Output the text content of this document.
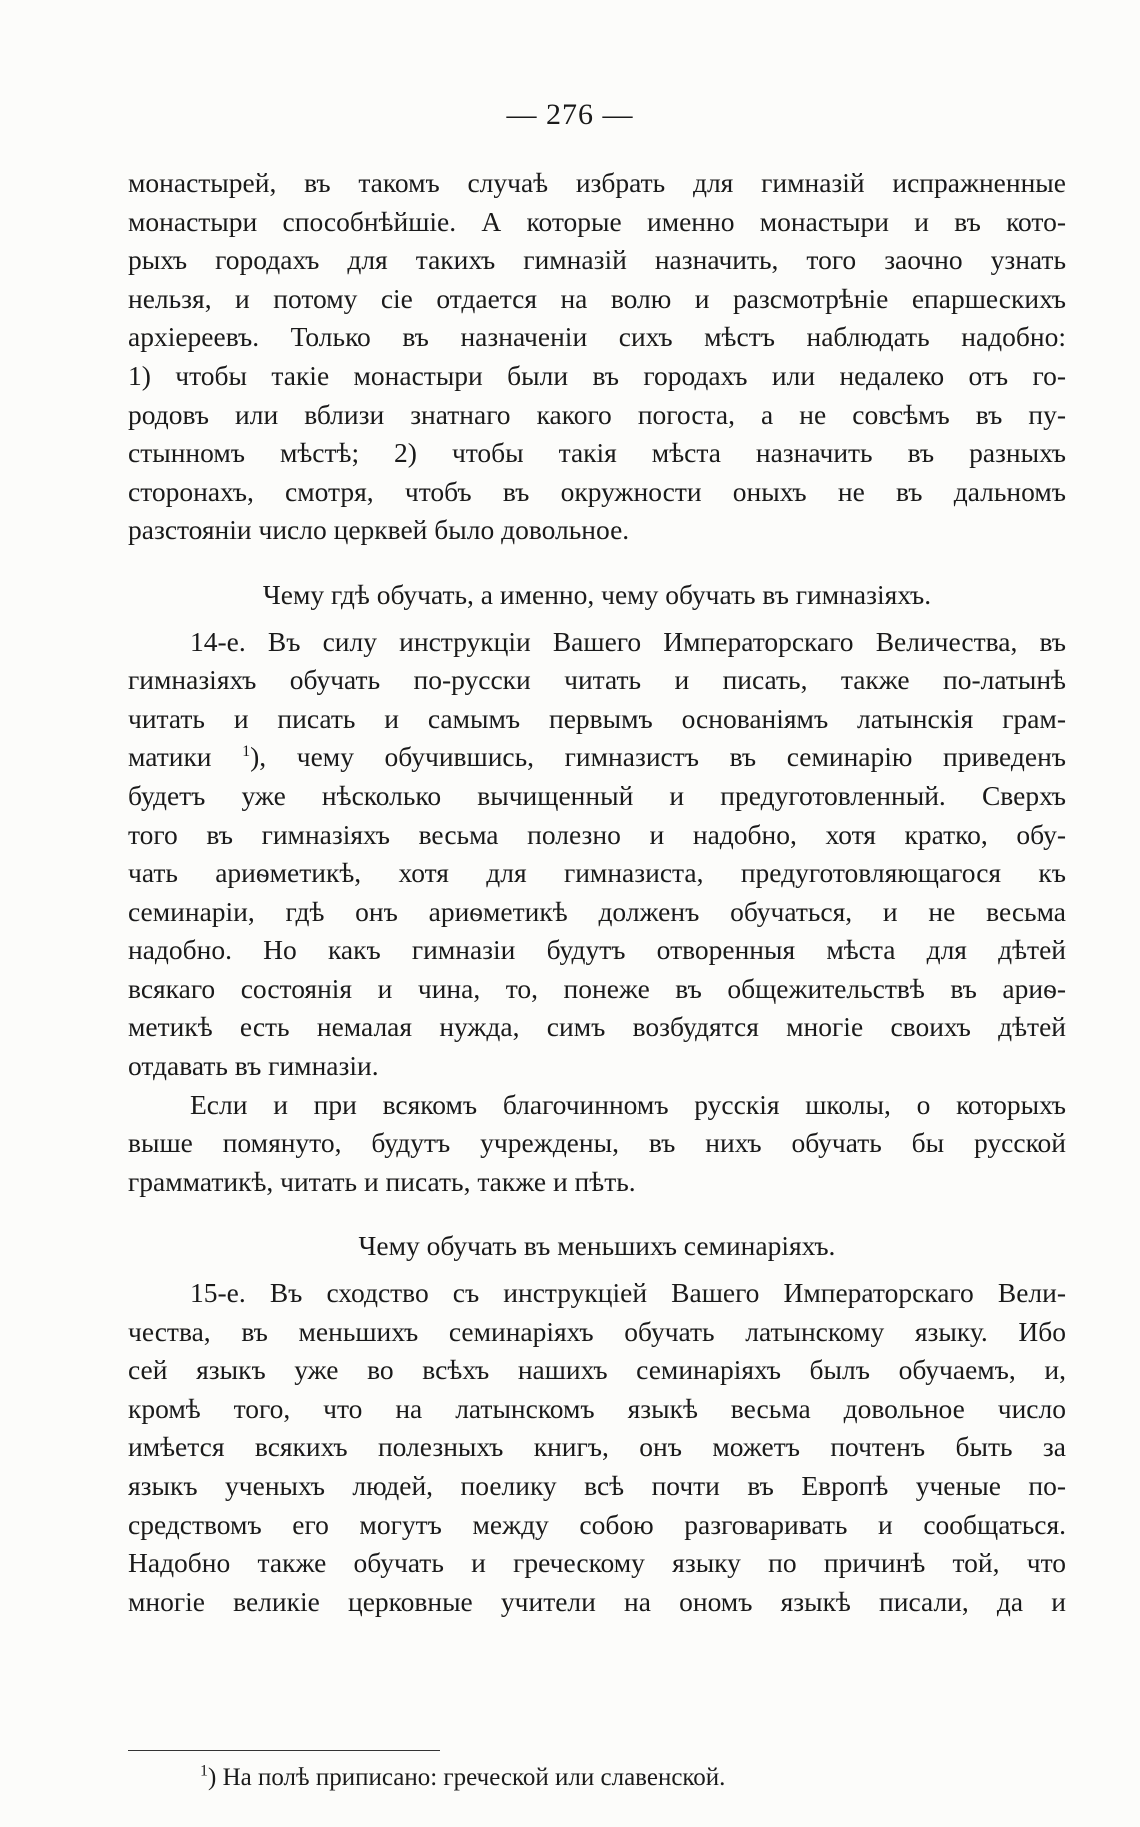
— 276 —
монастырей, въ такомъ случаѣ избрать для гимназій испражненные
монастыри способнѣйшіе. А которые именно монастыри и въ кото-
рыхъ городахъ для такихъ гимназій назначить, того заочно узнать
нельзя, и потому сіе отдается на волю и разсмотрѣніе епаршескихъ
архіереевъ. Только въ назначеніи сихъ мѣстъ наблюдать надобно:
1) чтобы такіе монастыри были въ городахъ или недалеко отъ го-
родовъ или вблизи знатнаго какого погоста, а не совсѣмъ въ пу-
стынномъ мѣстѣ; 2) чтобы такія мѣста назначить въ разныхъ
сторонахъ, смотря, чтобъ въ окружности оныхъ не въ дальномъ
разстояніи число церквей было довольное.
Чему гдѣ обучать, а именно, чему обучать въ гимназіяхъ.
14-е. Въ силу инструкціи Вашего Императорскаго Величества, въ
гимназіяхъ обучать по-русски читать и писать, также по-латынѣ
читать и писать и самымъ первымъ основаніямъ латынскія грам-
матики $^1$), чему обучившись, гимназистъ въ семинарію приведенъ
будетъ уже нѣсколько вычищенный и предуготовленный. Сверхъ
того въ гимназіяхъ весьма полезно и надобно, хотя кратко, обу-
чать ариѳметикѣ, хотя для гимназиста, предуготовляющагося къ
семинаріи, гдѣ онъ ариѳметикѣ долженъ обучаться, и не весьма
надобно. Но какъ гимназіи будутъ отворенныя мѣста для дѣтей
всякаго состоянія и чина, то, понеже въ общежительствѣ въ ариѳ-
метикѣ есть немалая нужда, симъ возбудятся многіе своихъ дѣтей
отдавать въ гимназіи.
Если и при всякомъ благочинномъ русскія школы, о которыхъ
выше помянуто, будутъ учреждены, въ нихъ обучать бы русской
грамматикѣ, читать и писать, также и пѣть.
Чему обучать въ меньшихъ семинаріяхъ.
15-е. Въ сходство съ инструкціей Вашего Императорскаго Вели-
чества, въ меньшихъ семинаріяхъ обучать латынскому языку. Ибо
сей языкъ уже во всѣхъ нашихъ семинаріяхъ былъ обучаемъ, и,
кромѣ того, что на латынскомъ языкѣ весьма довольное число
имѣется всякихъ полезныхъ книгъ, онъ можетъ почтенъ быть за
языкъ ученыхъ людей, поелику всѣ почти въ Европѣ ученые по-
средствомъ его могутъ между собою разговаривать и сообщаться.
Надобно также обучать и греческому языку по причинѣ той, что
многіе великіе церковные учители на ономъ языкѣ писали, да и
$^1$) На полѣ приписано: греческой или славенской.
